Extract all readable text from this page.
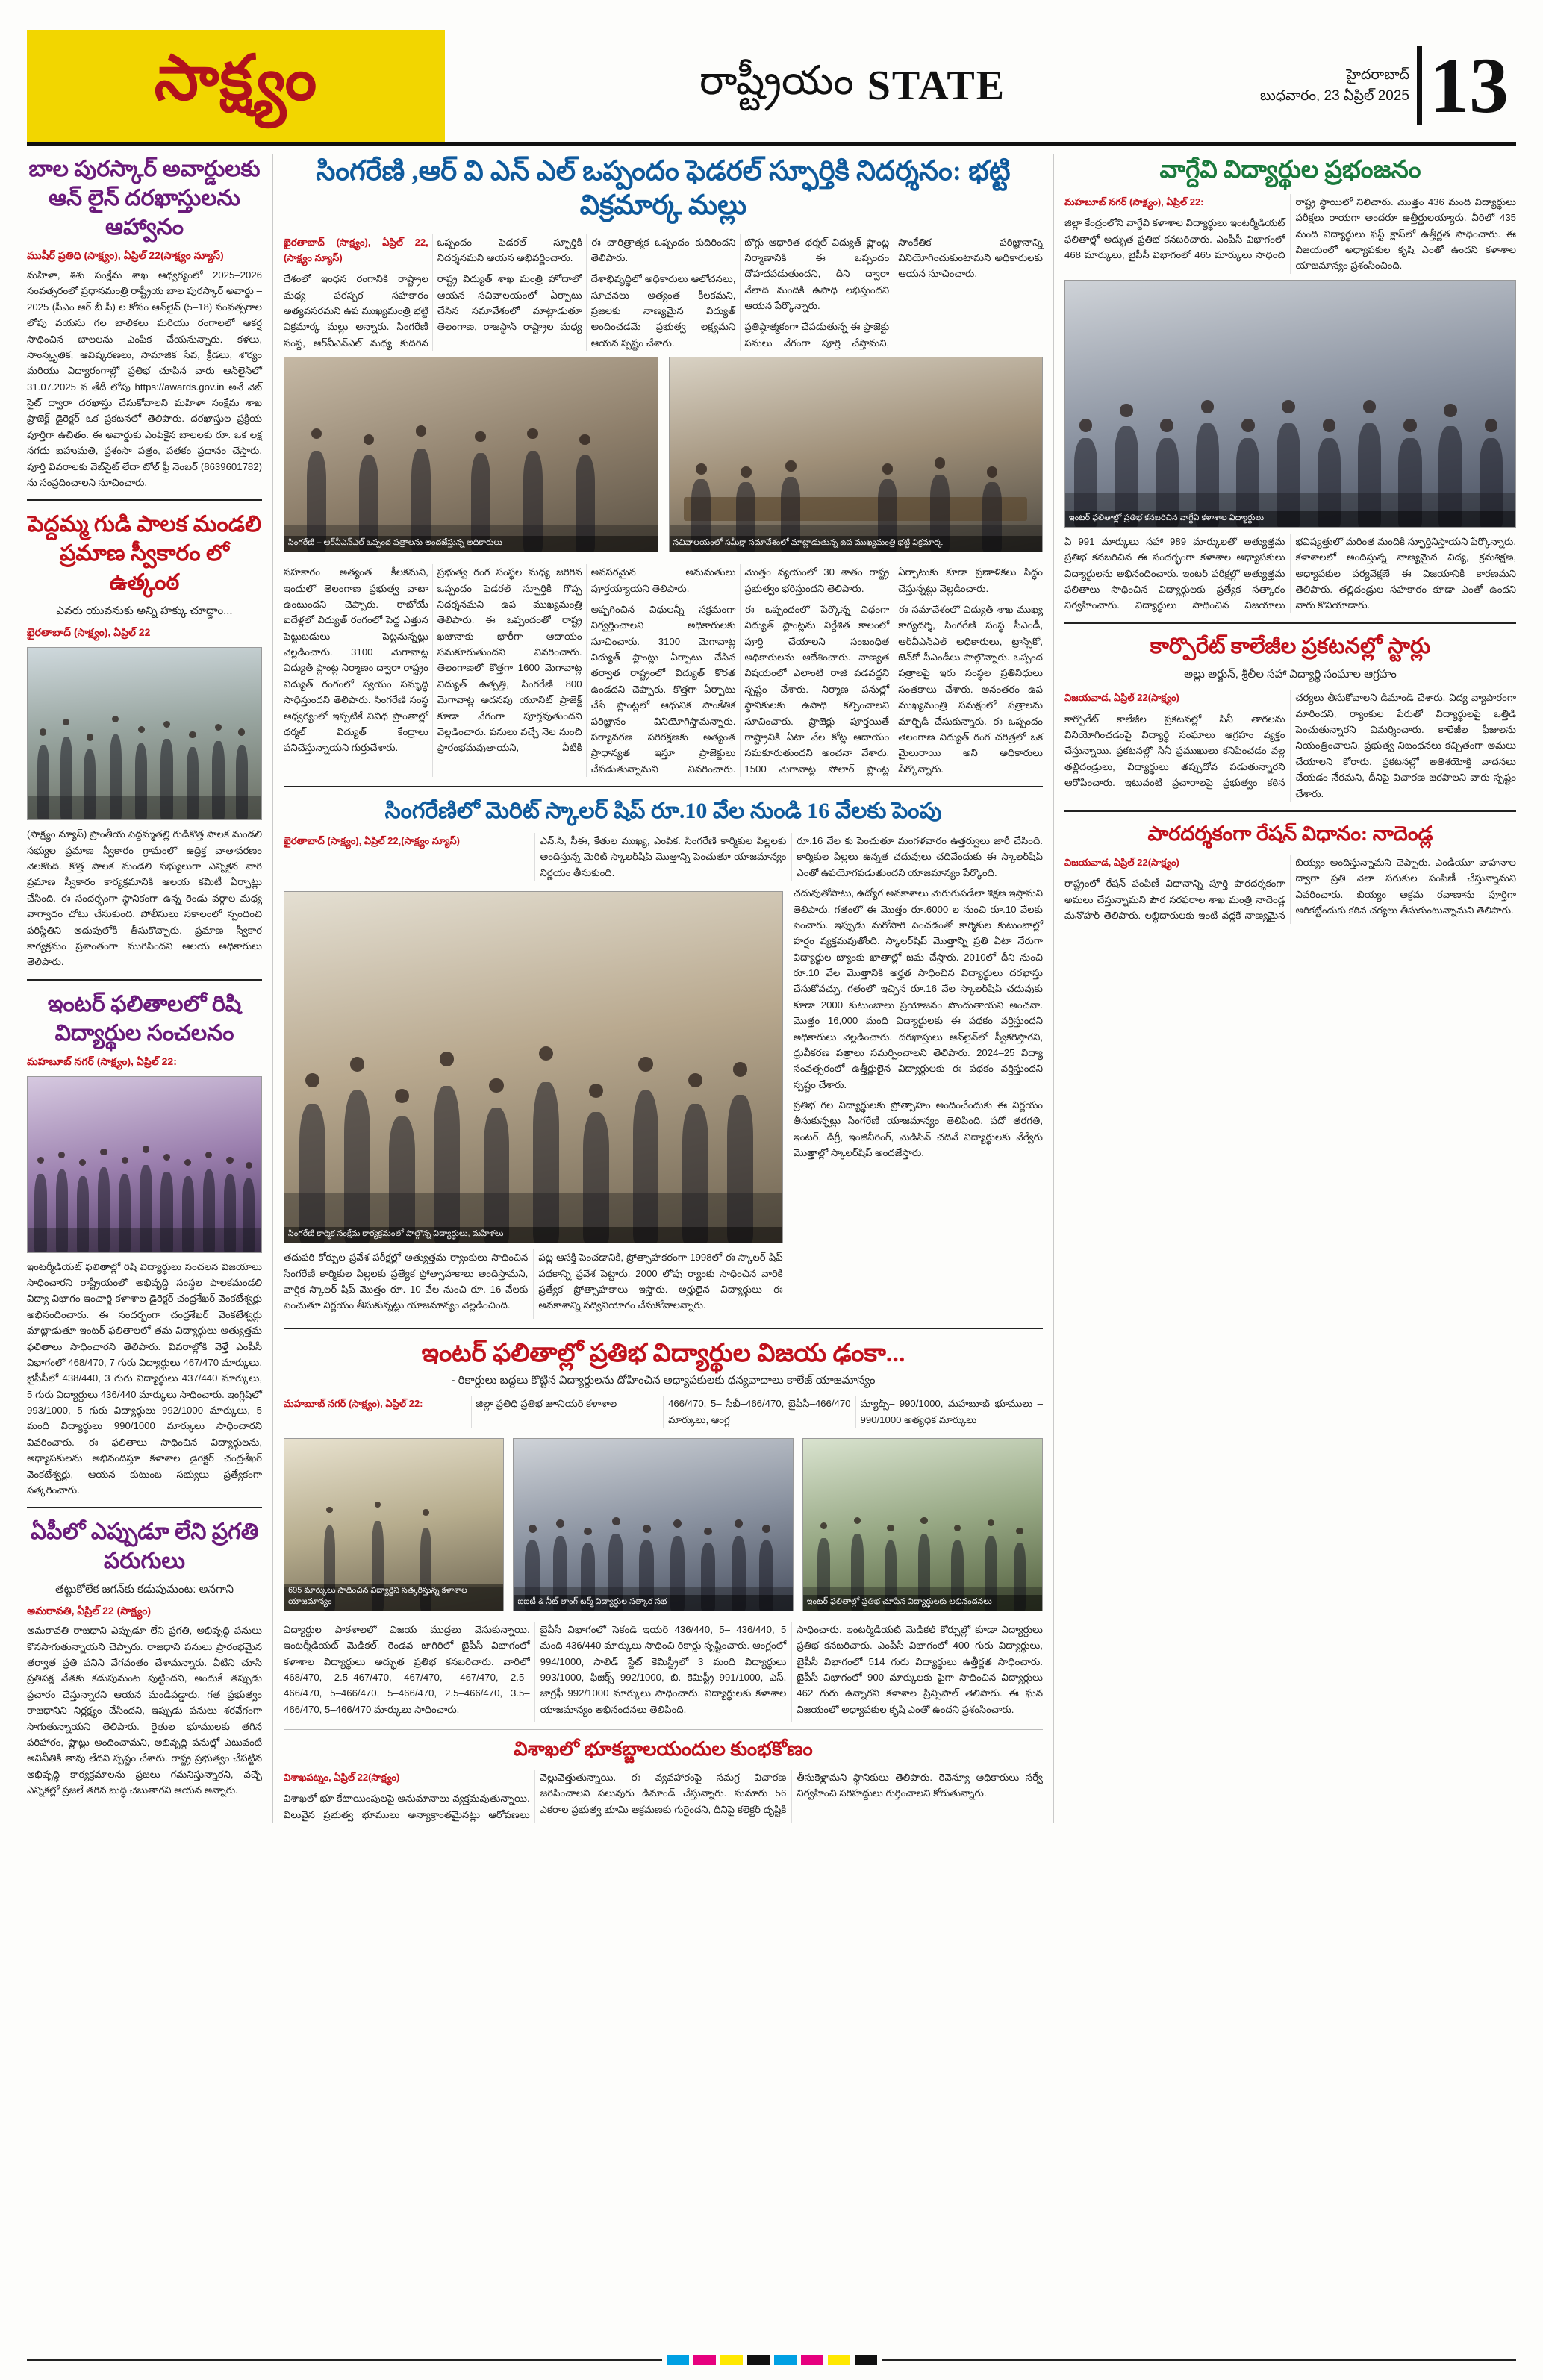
సాక్ష్యం	రాష్ట్రీయం STATE	హైదరాబాద్
బుధవారం, 23 ఏప్రిల్ 2025 13
బాల పురస్కార్ అవార్డులకు ఆన్ లైన్ దరఖాస్తులను ఆహ్వానం
ముషీర్ ప్రతిధి (సాక్ష్యం), ఏప్రిల్ 22(సాక్ష్యం న్యూస్)
మహిళా, శిశు సంక్షేమ శాఖ ఆధ్వర్యంలో 2025–2026 సంవత్సరంలో ప్రధానమంత్రి రాష్ట్రీయ బాల పురస్కార్ అవార్డు –2025 (పీఎం ఆర్ బీ పీ) ల కోసం ఆన్‌లైన్ (5–18) సంవత్సరాల లోపు వయసు గల బాలికలు మరియు రంగాలలో ఆకర్ష సాధించిన బాలలను ఎంపిక చేయనున్నారు. కళలు, సాంస్కృతిక, ఆవిష్కరణలు, సామాజిక సేవ, క్రీడలు, శౌర్యం మరియు విద్యారంగాల్లో ప్రతిభ చూపిన వారు ఆన్‌లైన్‌లో 31.07.2025 వ తేదీ లోపు https://awards.gov.in అనే వెబ్ సైట్ ద్వారా దరఖాస్తు చేసుకోవాలని మహిళా సంక్షేమ శాఖ ప్రాజెక్ట్ డైరెక్టర్ ఒక ప్రకటనలో తెలిపారు. దరఖాస్తుల ప్రక్రియ పూర్తిగా ఉచితం. ఈ అవార్డుకు ఎంపికైన బాలలకు రూ. ఒక లక్ష నగదు బహుమతి, ప్రశంసా పత్రం, పతకం ప్రధానం చేస్తారు. పూర్తి వివరాలకు వెబ్‌సైట్ లేదా టోల్ ఫ్రీ నెంబర్ (8639601782) ను సంప్రదించాలని సూచించారు.
పెద్దమ్మ గుడి పాలక మండలి ప్రమాణ స్వీకారం లో ఉత్కంఠ
ఎవరు యువనుకు అన్ని హక్కు చూద్దాం...
ఖైరతాబాద్ (సాక్ష్యం), ఏప్రిల్ 22
(సాక్ష్యం న్యూస్) ప్రాంతీయ పెద్దమ్మతల్లి గుడికొత్త పాలక మండలి సభ్యుల ప్రమాణ స్వీకారం గ్రామంలో ఉద్రిక్త వాతావరణం నెలకొంది. కొత్త పాలక మండలి సభ్యులుగా ఎన్నికైన వారి ప్రమాణ స్వీకారం కార్యక్రమానికి ఆలయ కమిటీ ఏర్పాట్లు చేసింది. ఈ సందర్భంగా స్థానికంగా ఉన్న రెండు వర్గాల మధ్య వాగ్వాదం చోటు చేసుకుంది. పోలీసులు సకాలంలో స్పందించి పరిస్థితిని అదుపులోకి తీసుకొచ్చారు. ప్రమాణ స్వీకార కార్యక్రమం ప్రశాంతంగా ముగిసిందని ఆలయ అధికారులు తెలిపారు.
ఇంటర్ ఫలితాలలో రిషి విద్యార్థుల సంచలనం
మహబూబ్ నగర్ (సాక్ష్యం), ఏప్రిల్ 22:
ఇంటర్మీడియట్ ఫలితాల్లో రిషి విద్యార్థులు సంచలన విజయాలు సాధించారని రాష్ట్రీయంలో అభివృద్ధి సంస్థల పాలకమండలి విద్యా విభాగం ఇంచార్జి కళాశాల డైరెక్టర్ చంద్రశేఖర్ వెంకటేశ్వర్లు అభినందించారు. ఈ సందర్భంగా చంద్రశేఖర్ వెంకటేశ్వర్లు మాట్లాడుతూ ఇంటర్ ఫలితాలలో తమ విద్యార్థులు అత్యుత్తమ ఫలితాలు సాధించారని తెలిపారు. వివరాల్లోకి వెళ్తే ఎంపీసీ విభాగంలో 468/470, 7 గురు విద్యార్థులు 467/470 మార్కులు, బైపీసీలో 438/440, 3 గురు విద్యార్థులు 437/440 మార్కులు, 5 గురు విద్యార్థులు 436/440 మార్కులు సాధించారు. ఇంగ్లిష్‌లో 993/1000, 5 గురు విద్యార్థులు 992/1000 మార్కులు, 5 మంది విద్యార్థులు 990/1000 మార్కులు సాధించారని వివరించారు. ఈ ఫలితాలు సాధించిన విద్యార్థులను, అధ్యాపకులను అభినందిస్తూ కళాశాల డైరెక్టర్ చంద్రశేఖర్ వెంకటేశ్వర్లు, ఆయన కుటుంబ సభ్యులు ప్రత్యేకంగా సత్కరించారు.
ఏపీలో ఎప్పుడూ లేని ప్రగతి పరుగులు
తట్టుకోలేక జగన్‌కు కడుపుమంట: అనగాని
అమరావతి, ఏప్రిల్ 22 (సాక్ష్యం)
అమరావతి రాజధాని ఎప్పుడూ లేని ప్రగతి, అభివృద్ధి పనులు కొనసాగుతున్నాయని చెప్పారు. రాజధాని పనులు ప్రారంభమైన తర్వాత ప్రతి పనిని వేగవంతం చేశామన్నారు. వీటిని చూసి ప్రతిపక్ష నేతకు కడుపుమంట పుట్టిందని, అందుకే తప్పుడు ప్రచారం చేస్తున్నారని ఆయన మండిపడ్డారు. గత ప్రభుత్వం రాజధానిని నిర్లక్ష్యం చేసిందని, ఇప్పుడు పనులు శరవేగంగా సాగుతున్నాయని తెలిపారు. రైతుల భూములకు తగిన పరిహారం, ప్లాట్లు అందించామని, అభివృద్ధి పనుల్లో ఎటువంటి అవినీతికి తావు లేదని స్పష్టం చేశారు. రాష్ట్ర ప్రభుత్వం చేపట్టిన అభివృద్ధి కార్యక్రమాలను ప్రజలు గమనిస్తున్నారని, వచ్చే ఎన్నికల్లో ప్రజలే తగిన బుద్ధి చెబుతారని ఆయన అన్నారు.
సింగరేణి ,ఆర్ వి ఎన్ ఎల్ ఒప్పందం ఫెడరల్ స్ఫూర్తికి నిదర్శనం: భట్టి విక్రమార్క మల్లు

ఖైరతాబాద్ (సాక్ష్యం), ఏప్రిల్ 22,(సాక్ష్యం న్యూస్)

దేశంలో ఇంధన రంగానికి రాష్ట్రాల మధ్య పరస్పర సహకారం అత్యవసరమని ఉప ముఖ్యమంత్రి భట్టి విక్రమార్క మల్లు అన్నారు. సింగరేణి సంస్థ, ఆర్‌వీఎన్‌ఎల్ మధ్య కుదిరిన ఒప్పందం ఫెడరల్ స్ఫూర్తికి నిదర్శనమని ఆయన అభివర్ణించారు.

రాష్ట్ర విద్యుత్ శాఖ మంత్రి హోదాలో ఆయన సచివాలయంలో ఏర్పాటు చేసిన సమావేశంలో మాట్లాడుతూ తెలంగాణ, రాజస్థాన్ రాష్ట్రాల మధ్య ఈ చారిత్రాత్మక ఒప్పందం కుదిరిందని తెలిపారు.

దేశాభివృద్ధిలో అధికారులు ఆలోచనలు, సూచనలు అత్యంత కీలకమని, ప్రజలకు నాణ్యమైన విద్యుత్ అందించడమే ప్రభుత్వ లక్ష్యమని ఆయన స్పష్టం చేశారు.

బొగ్గు ఆధారిత థర్మల్ విద్యుత్ ప్లాంట్ల నిర్మాణానికి ఈ ఒప్పందం దోహదపడుతుందని, దీని ద్వారా వేలాది మందికి ఉపాధి లభిస్తుందని ఆయన పేర్కొన్నారు.

ప్రతిష్ఠాత్మకంగా చేపడుతున్న ఈ ప్రాజెక్టు పనులు వేగంగా పూర్తి చేస్తామని, సాంకేతిక పరిజ్ఞానాన్ని వినియోగించుకుంటామని అధికారులకు ఆయన సూచించారు.

సింగరేణి – ఆర్‌వీఎన్‌ఎల్ ఒప్పంద పత్రాలను అందజేస్తున్న అధికారులు	సచివాలయంలో సమీక్షా సమావేశంలో మాట్లాడుతున్న ఉప ముఖ్యమంత్రి భట్టి విక్రమార్క

సహకారం అత్యంత కీలకమని, ఇందులో తెలంగాణ ప్రభుత్వ వాటా ఉంటుందని చెప్పారు. రాబోయే ఐదేళ్లలో విద్యుత్ రంగంలో పెద్ద ఎత్తున పెట్టుబడులు పెట్టనున్నట్లు వెల్లడించారు. 3100 మెగావాట్ల విద్యుత్ ప్లాంట్ల నిర్మాణం ద్వారా రాష్ట్రం విద్యుత్ రంగంలో స్వయం సమృద్ధి సాధిస్తుందని తెలిపారు. సింగరేణి సంస్థ ఆధ్వర్యంలో ఇప్పటికే వివిధ ప్రాంతాల్లో థర్మల్ విద్యుత్ కేంద్రాలు పనిచేస్తున్నాయని గుర్తుచేశారు.

ప్రభుత్వ రంగ సంస్థల మధ్య జరిగిన ఒప్పందం ఫెడరల్ స్ఫూర్తికి గొప్ప నిదర్శనమని ఉప ముఖ్యమంత్రి తెలిపారు. ఈ ఒప్పందంతో రాష్ట్ర ఖజానాకు భారీగా ఆదాయం సమకూరుతుందని వివరించారు. తెలంగాణలో కొత్తగా 1600 మెగావాట్ల విద్యుత్ ఉత్పత్తి, సింగరేణి 800 మెగావాట్ల అదనపు యూనిట్ ప్రాజెక్ట్ కూడా వేగంగా పూర్తవుతుందని వెల్లడించారు. పనులు వచ్చే నెల నుంచి ప్రారంభమవుతాయని, వీటికి అవసరమైన అనుమతులు పూర్తయ్యాయని తెలిపారు.

అప్పగించిన విధులన్నీ సక్రమంగా నిర్వర్తించాలని అధికారులకు సూచించారు. 3100 మెగావాట్ల విద్యుత్ ప్లాంట్లు ఏర్పాటు చేసిన తర్వాత రాష్ట్రంలో విద్యుత్ కొరత ఉండదని చెప్పారు. కొత్తగా ఏర్పాటు చేసే ప్లాంట్లలో ఆధునిక సాంకేతిక పరిజ్ఞానం వినియోగిస్తామన్నారు. పర్యావరణ పరిరక్షణకు అత్యంత ప్రాధాన్యత ఇస్తూ ప్రాజెక్టులు చేపడుతున్నామని వివరించారు. మొత్తం వ్యయంలో 30 శాతం రాష్ట్ర ప్రభుత్వం భరిస్తుందని తెలిపారు.

ఈ ఒప్పందంలో పేర్కొన్న విధంగా విద్యుత్ ప్లాంట్లను నిర్దేశిత కాలంలో పూర్తి చేయాలని సంబంధిత అధికారులను ఆదేశించారు. నాణ్యత విషయంలో ఎలాంటి రాజీ పడవద్దని స్పష్టం చేశారు. నిర్మాణ పనుల్లో స్థానికులకు ఉపాధి కల్పించాలని సూచించారు. ప్రాజెక్టు పూర్తయితే రాష్ట్రానికి ఏటా వేల కోట్ల ఆదాయం సమకూరుతుందని అంచనా వేశారు. 1500 మెగావాట్ల సోలార్ ప్లాంట్ల ఏర్పాటుకు కూడా ప్రణాళికలు సిద్ధం చేస్తున్నట్లు వెల్లడించారు.

ఈ సమావేశంలో విద్యుత్ శాఖ ముఖ్య కార్యదర్శి, సింగరేణి సంస్థ సీఎండీ, ఆర్‌వీఎన్‌ఎల్ అధికారులు, ట్రాన్స్‌కో, జెన్‌కో సీఎండీలు పాల్గొన్నారు. ఒప్పంద పత్రాలపై ఇరు సంస్థల ప్రతినిధులు సంతకాలు చేశారు. అనంతరం ఉప ముఖ్యమంత్రి సమక్షంలో పత్రాలను మార్పిడి చేసుకున్నారు. ఈ ఒప్పందం తెలంగాణ విద్యుత్ రంగ చరిత్రలో ఒక మైలురాయి అని అధికారులు పేర్కొన్నారు.

సింగరేణిలో మెరిట్ స్కాలర్ షిప్ రూ.10 వేల నుండి 16 వేలకు పెంపు

ఖైరతాబాద్ (సాక్ష్యం), ఏప్రిల్ 22,(సాక్ష్యం న్యూస్)	ఎన్.సి, సీఈ, కేతుల ముఖ్య, ఎంపిక. సింగరేణి కార్మికుల పిల్లలకు అందిస్తున్న మెరిట్ స్కాలర్‌షిప్ మొత్తాన్ని పెంచుతూ యాజమాన్యం నిర్ణయం తీసుకుంది.

రూ.16 వేల కు పెంచుతూ మంగళవారం ఉత్తర్వులు జారీ చేసింది. కార్మికుల పిల్లలు ఉన్నత చదువులు చదివేందుకు ఈ స్కాలర్‌షిప్ ఎంతో ఉపయోగపడుతుందని యాజమాన్యం పేర్కొంది.

సింగరేణి కార్మిక సంక్షేమ కార్యక్రమంలో పాల్గొన్న విద్యార్థులు, మహిళలు

తదుపరి కోర్సుల ప్రవేశ పరీక్షల్లో అత్యుత్తమ ర్యాంకులు సాధించిన సింగరేణి కార్మికుల పిల్లలకు ప్రత్యేక ప్రోత్సాహకాలు అందిస్తామని, వార్షిక స్కాలర్ షిప్ మొత్తం రూ. 10 వేల నుంచి రూ. 16 వేలకు పెంచుతూ నిర్ణయం తీసుకున్నట్లు యాజమాన్యం వెల్లడించింది.

పట్ల ఆసక్తి పెంచడానికి, ప్రోత్సాహకరంగా 1998లో ఈ స్కాలర్ షిప్ పథకాన్ని ప్రవేశ పెట్టారు. 2000 లోపు ర్యాంకు సాధించిన వారికి ప్రత్యేక ప్రోత్సాహకాలు ఇస్తారు. అర్హులైన విద్యార్థులు ఈ అవకాశాన్ని సద్వినియోగం చేసుకోవాలన్నారు.

చదువుతోపాటు, ఉద్యోగ అవకాశాలు మెరుగుపడేలా శిక్షణ ఇస్తామని తెలిపారు. గతంలో ఈ మొత్తం రూ.6000 ల నుంచి రూ.10 వేలకు పెంచారు. ఇప్పుడు మరోసారి పెంచడంతో కార్మికుల కుటుంబాల్లో హర్షం వ్యక్తమవుతోంది. స్కాలర్‌షిప్ మొత్తాన్ని ప్రతి ఏటా నేరుగా విద్యార్థుల బ్యాంకు ఖాతాల్లో జమ చేస్తారు. 2010లో దీని నుంచి రూ.10 వేల మొత్తానికి అర్హత సాధించిన విద్యార్థులు దరఖాస్తు చేసుకోవచ్చు. గతంలో ఇచ్చిన రూ.16 వేల స్కాలర్‌షిప్ చదువుకు కూడా 2000 కుటుంబాలు ప్రయోజనం పొందుతాయని అంచనా. మొత్తం 16,000 మంది విద్యార్థులకు ఈ పథకం వర్తిస్తుందని అధికారులు వెల్లడించారు. దరఖాస్తులు ఆన్‌లైన్‌లో స్వీకరిస్తారని, ధ్రువీకరణ పత్రాలు సమర్పించాలని తెలిపారు. 2024–25 విద్యా సంవత్సరంలో ఉత్తీర్ణులైన విద్యార్థులకు ఈ పథకం వర్తిస్తుందని స్పష్టం చేశారు.
ప్రతిభ గల విద్యార్థులకు ప్రోత్సాహం అందించేందుకు ఈ నిర్ణయం తీసుకున్నట్లు సింగరేణి యాజమాన్యం తెలిపింది. పదో తరగతి, ఇంటర్, డిగ్రీ, ఇంజినీరింగ్, మెడిసిన్ చదివే విద్యార్థులకు వేర్వేరు మొత్తాల్లో స్కాలర్‌షిప్ అందజేస్తారు.
ఇంటర్ ఫలితాల్లో ప్రతిభ విద్యార్థుల విజయ ఢంకా...
- రికార్డులు బద్దలు కొట్టిన విద్యార్థులను దోహించిన అధ్యాపకులకు ధన్యవాదాలు కాలేజ్ యాజమాన్యం

మహబూబ్ నగర్ (సాక్ష్యం), ఏప్రిల్ 22:	జిల్లా ప్రతిధి ప్రతిభ జూనియర్ కళాశాల	466/470, 5– సీబీ–466/470, బైపీసీ–466/470 మార్కులు, ఆంగ్ల

మ్యాథ్స్– 990/1000, మహబూబ్ భూములు – 990/1000 అత్యధిక మార్కులు

695 మార్కులు సాధించిన విద్యార్థిని సత్కరిస్తున్న కళాశాల యాజమాన్యం	ఐఐటీ & నీట్ లాంగ్ టర్మ్ విద్యార్థుల సత్కార సభ	ఇంటర్ ఫలితాల్లో ప్రతిభ చూపిన విద్యార్థులకు అభినందనలు

విద్యార్థుల పాఠశాలలో విజయ ముద్రలు వేసుకున్నాయి. ఇంటర్మీడియట్ మెడికల్, రెండవ జాగిరిలో బైపీసీ విభాగంలో కళాశాల విద్యార్థులు అద్భుత ప్రతిభ కనబరిచారు. వారిలో 468/470, 2.5–467/470, 467/470, –467/470, 2.5–466/470, 5–466/470, 5–466/470, 2.5–466/470, 3.5–466/470, 5–466/470 మార్కులు సాధించారు.

బైపీసీ విభాగంలో సెకండ్ ఇయర్ 436/440, 5– 436/440, 5 మంది 436/440 మార్కులు సాధించి రికార్డు సృష్టించారు. ఆంగ్లంలో 994/1000, సాలిడ్ స్టేట్ కెమిస్ట్రీలో 3 మంది విద్యార్థులు 993/1000, ఫిజిక్స్ 992/1000, బి. కెమిస్ట్రీ–991/1000, ఎస్. జాగ్రఫీ 992/1000 మార్కులు సాధించారు. విద్యార్థులకు కళాశాల యాజమాన్యం అభినందనలు తెలిపింది.

సాధించారు. ఇంటర్మీడియట్ మెడికల్ కోర్సుల్లో కూడా విద్యార్థులు ప్రతిభ కనబరిచారు. ఎంపీసీ విభాగంలో 400 గురు విద్యార్థులు, బైపీసీ విభాగంలో 514 గురు విద్యార్థులు ఉత్తీర్ణత సాధించారు. బైపీసీ విభాగంలో 900 మార్కులకు పైగా సాధించిన విద్యార్థులు 462 గురు ఉన్నారని కళాశాల ప్రిన్సిపాల్ తెలిపారు. ఈ ఘన విజయంలో అధ్యాపకుల కృషి ఎంతో ఉందని ప్రశంసించారు.

విశాఖలో భూకబ్జాలయందుల కుంభకోణం

విశాఖపట్నం, ఏప్రిల్ 22(సాక్ష్యం)

విశాఖలో భూ కేటాయింపులపై అనుమానాలు వ్యక్తమవుతున్నాయి. విలువైన ప్రభుత్వ భూములు అన్యాక్రాంతమైనట్లు ఆరోపణలు వెల్లువెత్తుతున్నాయి. ఈ వ్యవహారంపై సమగ్ర విచారణ జరిపించాలని పలువురు డిమాండ్ చేస్తున్నారు. సుమారు 56 ఎకరాల ప్రభుత్వ భూమి ఆక్రమణకు గురైందని, దీనిపై కలెక్టర్ దృష్టికి తీసుకెళ్లామని స్థానికులు తెలిపారు. రెవెన్యూ అధికారులు సర్వే నిర్వహించి సరిహద్దులు గుర్తించాలని కోరుతున్నారు.

వాగ్దేవి విద్యార్థుల ప్రభంజనం

మహబూబ్ నగర్ (సాక్ష్యం), ఏప్రిల్ 22:

జిల్లా కేంద్రంలోని వాగ్దేవి కళాశాల విద్యార్థులు ఇంటర్మీడియట్ ఫలితాల్లో అద్భుత ప్రతిభ కనబరిచారు. ఎంపీసీ విభాగంలో 468 మార్కులు, బైపీసీ విభాగంలో 465 మార్కులు సాధించి రాష్ట్ర స్థాయిలో నిలిచారు. మొత్తం 436 మంది విద్యార్థులు పరీక్షలు రాయగా అందరూ ఉత్తీర్ణులయ్యారు. వీరిలో 435 మంది విద్యార్థులు ఫస్ట్ క్లాస్‌లో ఉత్తీర్ణత సాధించారు. ఈ విజయంలో అధ్యాపకుల కృషి ఎంతో ఉందని కళాశాల యాజమాన్యం ప్రశంసించింది.

ఇంటర్ ఫలితాల్లో ప్రతిభ కనబరిచిన వాగ్దేవి కళాశాల విద్యార్థులు
ఏ 991 మార్కులు సహా 989 మార్కులతో అత్యుత్తమ ప్రతిభ కనబరిచిన ఈ సందర్భంగా కళాశాల అధ్యాపకులు విద్యార్థులను అభినందించారు. ఇంటర్ పరీక్షల్లో అత్యుత్తమ ఫలితాలు సాధించిన విద్యార్థులకు ప్రత్యేక సత్కారం నిర్వహించారు. విద్యార్థులు సాధించిన విజయాలు భవిష్యత్తులో మరింత మందికి స్ఫూర్తినిస్తాయని పేర్కొన్నారు. కళాశాలలో అందిస్తున్న నాణ్యమైన విద్య, క్రమశిక్షణ, అధ్యాపకుల పర్యవేక్షణే ఈ విజయానికి కారణమని తెలిపారు. తల్లిదండ్రుల సహకారం కూడా ఎంతో ఉందని వారు కొనియాడారు.
కార్పొరేట్ కాలేజీల ప్రకటనల్లో స్టార్లు
అల్లు అర్జున్, శ్రీలీల సహా విద్యార్థి సంఘాల ఆగ్రహం

విజయవాడ, ఏప్రిల్ 22(సాక్ష్యం)

కార్పొరేట్ కాలేజీల ప్రకటనల్లో సినీ తారలను వినియోగించడంపై విద్యార్థి సంఘాలు ఆగ్రహం వ్యక్తం చేస్తున్నాయి. ప్రకటనల్లో సినీ ప్రముఖులు కనిపించడం వల్ల తల్లిదండ్రులు, విద్యార్థులు తప్పుదోవ పడుతున్నారని ఆరోపించారు. ఇటువంటి ప్రచారాలపై ప్రభుత్వం కఠిన చర్యలు తీసుకోవాలని డిమాండ్ చేశారు. విద్య వ్యాపారంగా మారిందని, ర్యాంకుల పేరుతో విద్యార్థులపై ఒత్తిడి పెంచుతున్నారని విమర్శించారు. కాలేజీల ఫీజులను నియంత్రించాలని, ప్రభుత్వ నిబంధనలు కచ్చితంగా అమలు చేయాలని కోరారు. ప్రకటనల్లో అతిశయోక్తి వాదనలు చేయడం నేరమని, దీనిపై విచారణ జరపాలని వారు స్పష్టం చేశారు.

పారదర్శకంగా రేషన్ విధానం: నాదెండ్ల

విజయవాడ, ఏప్రిల్ 22(సాక్ష్యం)

రాష్ట్రంలో రేషన్ పంపిణీ విధానాన్ని పూర్తి పారదర్శకంగా అమలు చేస్తున్నామని పౌర సరఫరాల శాఖ మంత్రి నాదెండ్ల మనోహర్ తెలిపారు. లబ్ధిదారులకు ఇంటి వద్దకే నాణ్యమైన బియ్యం అందిస్తున్నామని చెప్పారు. ఎండీయూ వాహనాల ద్వారా ప్రతి నెలా సరుకుల పంపిణీ చేస్తున్నామని వివరించారు. బియ్యం అక్రమ రవాణాను పూర్తిగా అరికట్టేందుకు కఠిన చర్యలు తీసుకుంటున్నామని తెలిపారు.
